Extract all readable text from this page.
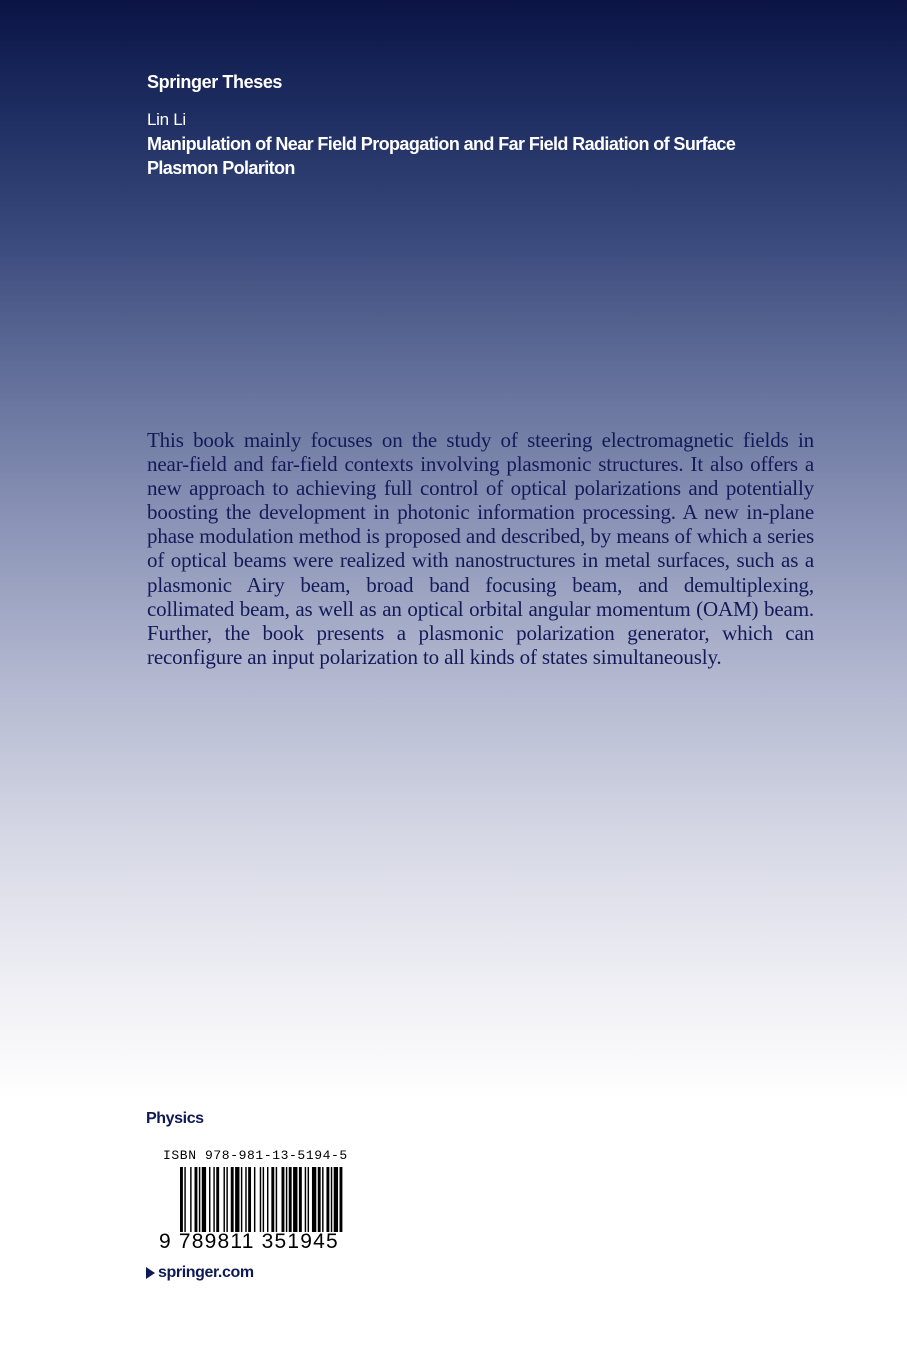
Springer Theses
Lin Li
Manipulation of Near Field Propagation and Far Field Radiation of Surface Plasmon Polariton
This book mainly focuses on the study of steering electromagnetic fields in near-field and far-field contexts involving plasmonic structures. It also offers a new approach to achieving full control of optical polarizations and potentially boosting the development in photonic information processing. A new in-plane phase modulation method is proposed and described, by means of which a series of optical beams were realized with nanostructures in metal surfaces, such as a plasmonic Airy beam, broad band focusing beam, and demultiplexing, collimated beam, as well as an optical orbital angular momentum (OAM) beam. Further, the book presents a plasmonic polarization generator, which can reconfigure an input polarization to all kinds of states simultaneously.
Physics
ISBN 978-981-13-5194-5
9 789811 351945
springer.com
